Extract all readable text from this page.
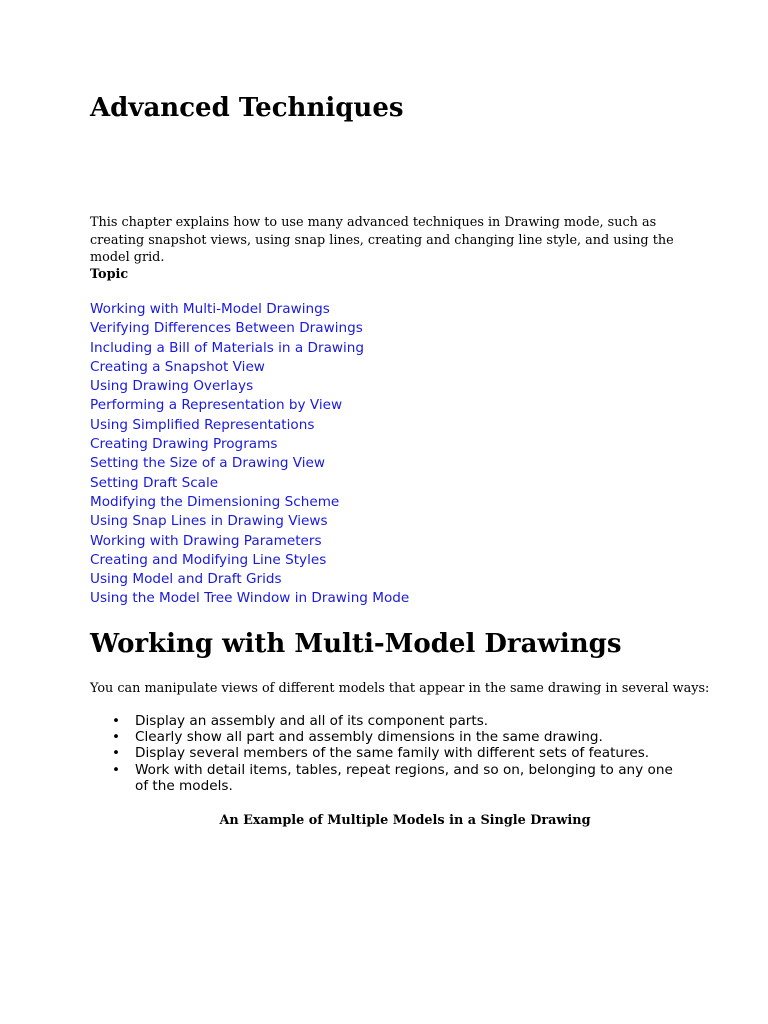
Advanced Techniques

This chapter explains how to use many advanced techniques in Drawing mode, such as creating snapshot views, using snap lines, creating and changing line style, and using the model grid.

Topic

Working with Multi-Model Drawings
Verifying Differences Between Drawings
Including a Bill of Materials in a Drawing
Creating a Snapshot View
Using Drawing Overlays
Performing a Representation by View
Using Simplified Representations
Creating Drawing Programs
Setting the Size of a Drawing View
Setting Draft Scale
Modifying the Dimensioning Scheme
Using Snap Lines in Drawing Views
Working with Drawing Parameters
Creating and Modifying Line Styles
Using Model and Draft Grids
Using the Model Tree Window in Drawing Mode
Working with Multi-Model Drawings

You can manipulate views of different models that appear in the same drawing in several ways:

• Display an assembly and all of its component parts.
• Clearly show all part and assembly dimensions in the same drawing.
• Display several members of the same family with different sets of features.
• Work with detail items, tables, repeat regions, and so on, belonging to any one of the models.

An Example of Multiple Models in a Single Drawing
